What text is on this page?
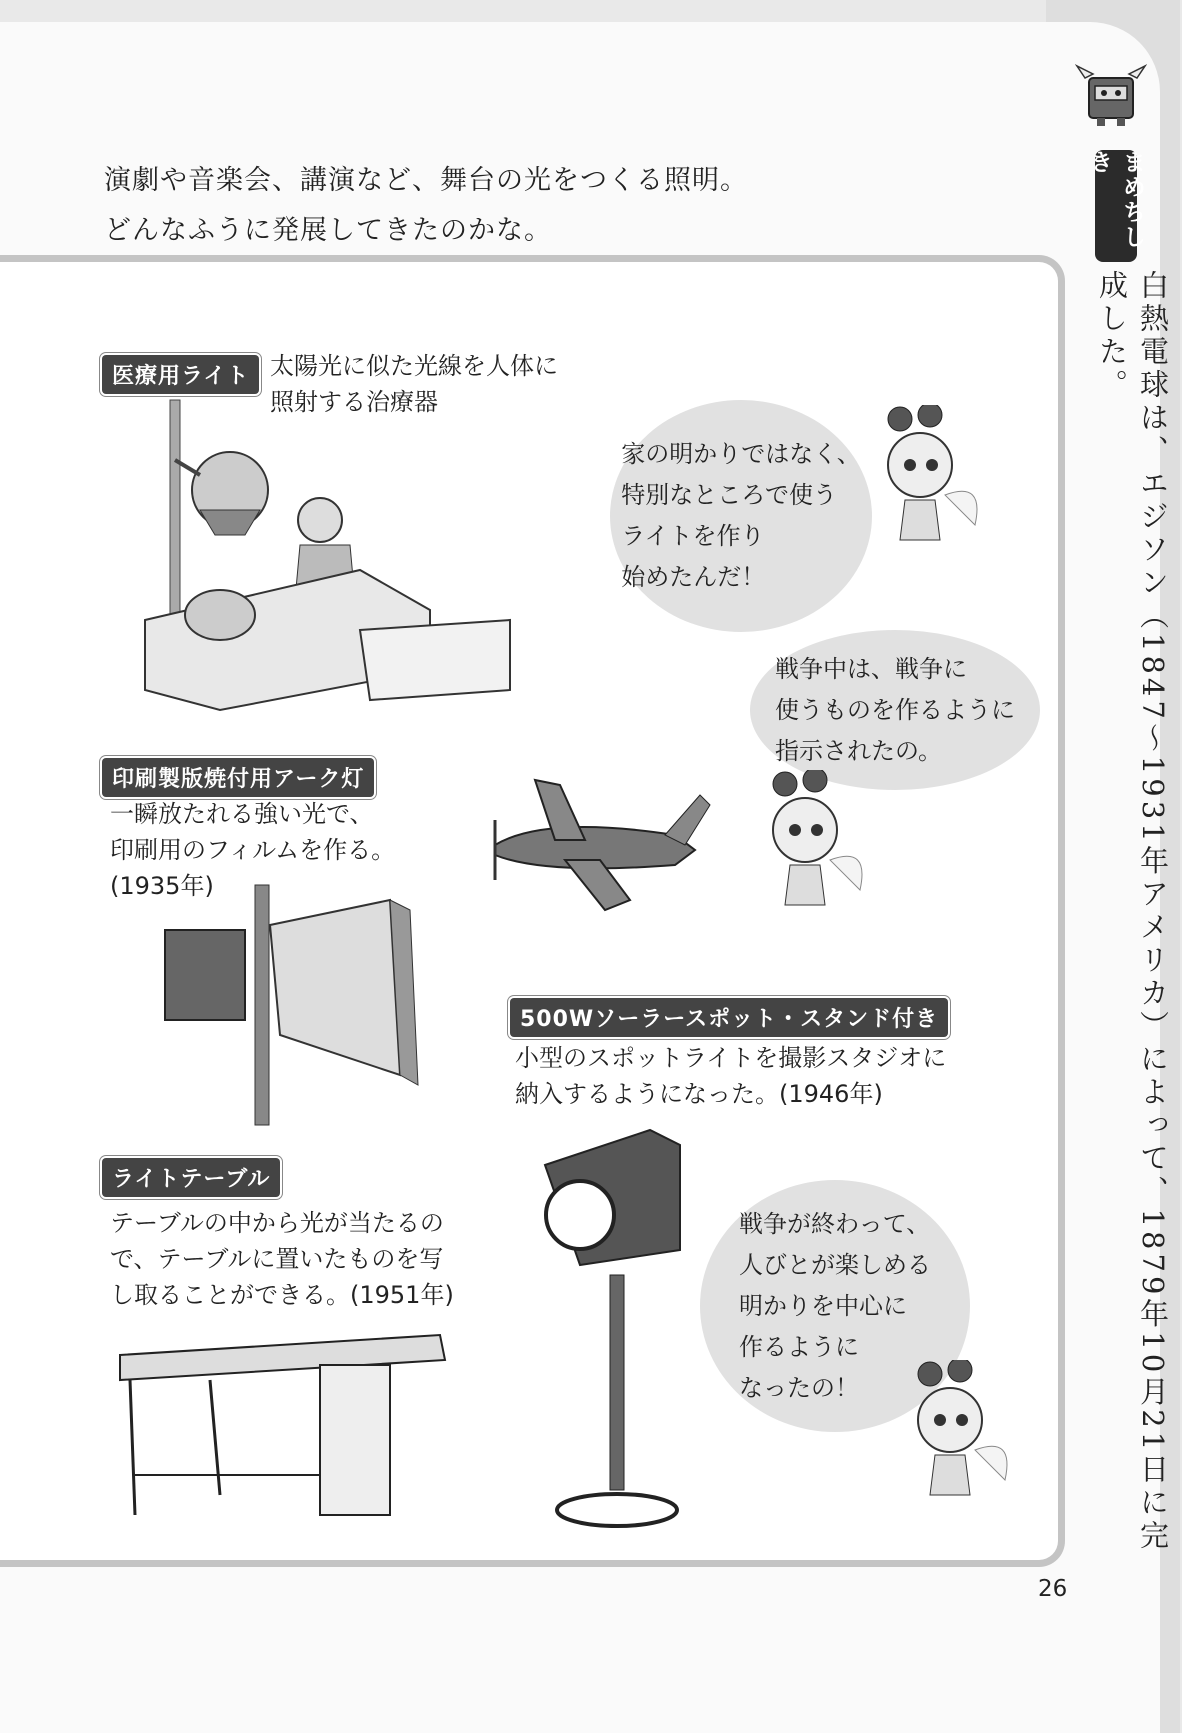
演劇や音楽会、講演など、舞台の光をつくる照明。
どんなふうに発展してきたのかな。

医療用ライト 太陽光に似た光線を人体に
照射する治療器

家の明かりではなく、
特別なところで使う
ライトを作り
始めたんだ！

印刷製版焼付用アーク灯

一瞬放たれる強い光で、
印刷用のフィルムを作る。
(1935年)

戦争中は、戦争に
使うものを作るように
指示されたの。

500Wソーラースポット・スタンド付き

小型のスポットライトを撮影スタジオに
納入するようになった。(1946年)

ライトテーブル

テーブルの中から光が当たるの
で、テーブルに置いたものを写
し取ることができる。(1951年)

戦争が終わって、
人びとが楽しめる
明かりを中心に
作るように
なったの！

まめちしき

白熱電球は、エジソン（1847〜1931年アメリカ）によって、1879年10月21日に完成した。

26
